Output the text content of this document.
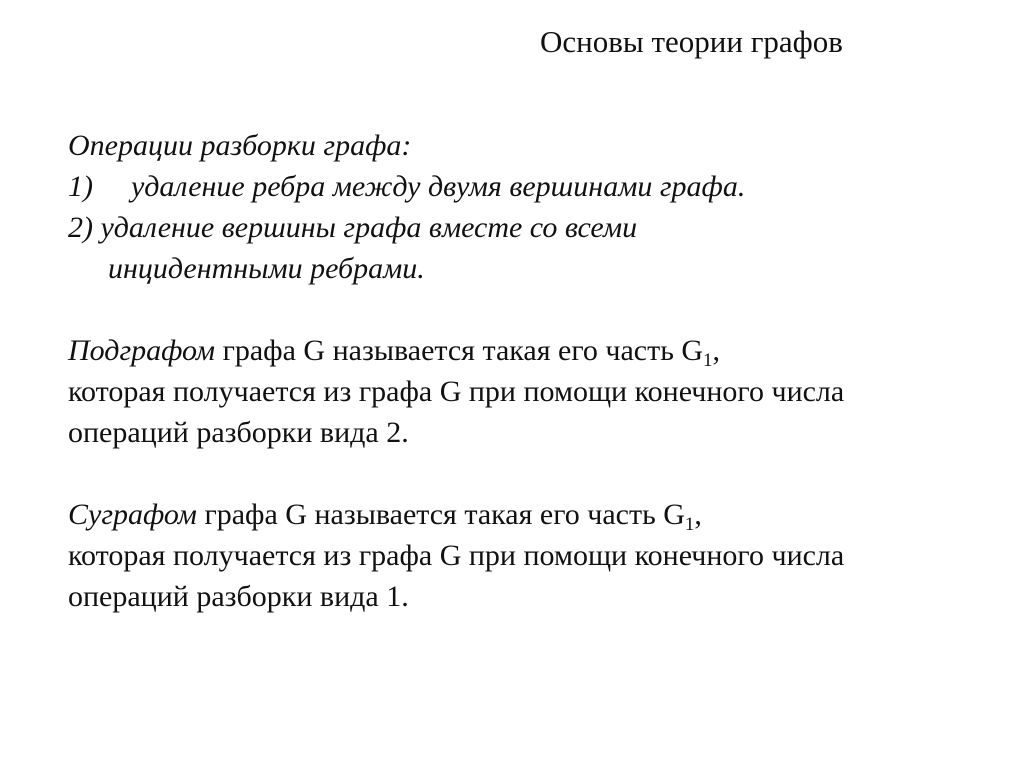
Основы теории графов
Операции разборки графа:
1) удаление ребра между двумя вершинами графа.
2) удаление вершины графа вместе со всеми
инцидентными ребрами.
Подграфом графа G называется такая его часть $G_1$,
которая получается из графа G при помощи конечного числа
операций разборки вида 2.
Суграфом графа G называется такая его часть $G_1$,
которая получается из графа G при помощи конечного числа
операций разборки вида 1.
